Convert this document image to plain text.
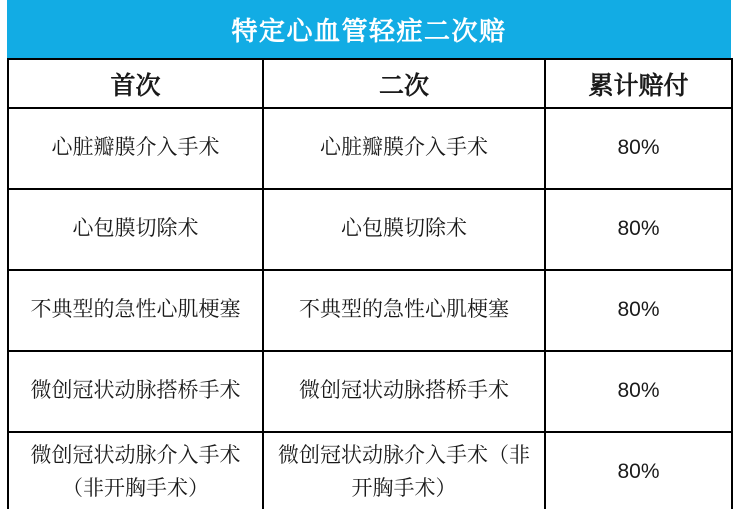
特定心血管轻症二次赔
首次	二次	累计赔付
心脏瓣膜介入手术	心脏瓣膜介入手术	80%
心包膜切除术	心包膜切除术	80%
不典型的急性心肌梗塞	不典型的急性心肌梗塞	80%
微创冠状动脉搭桥手术	微创冠状动脉搭桥手术	80%
微创冠状动脉介入手术（非开胸手术）	微创冠状动脉介入手术（非开胸手术）	80%
